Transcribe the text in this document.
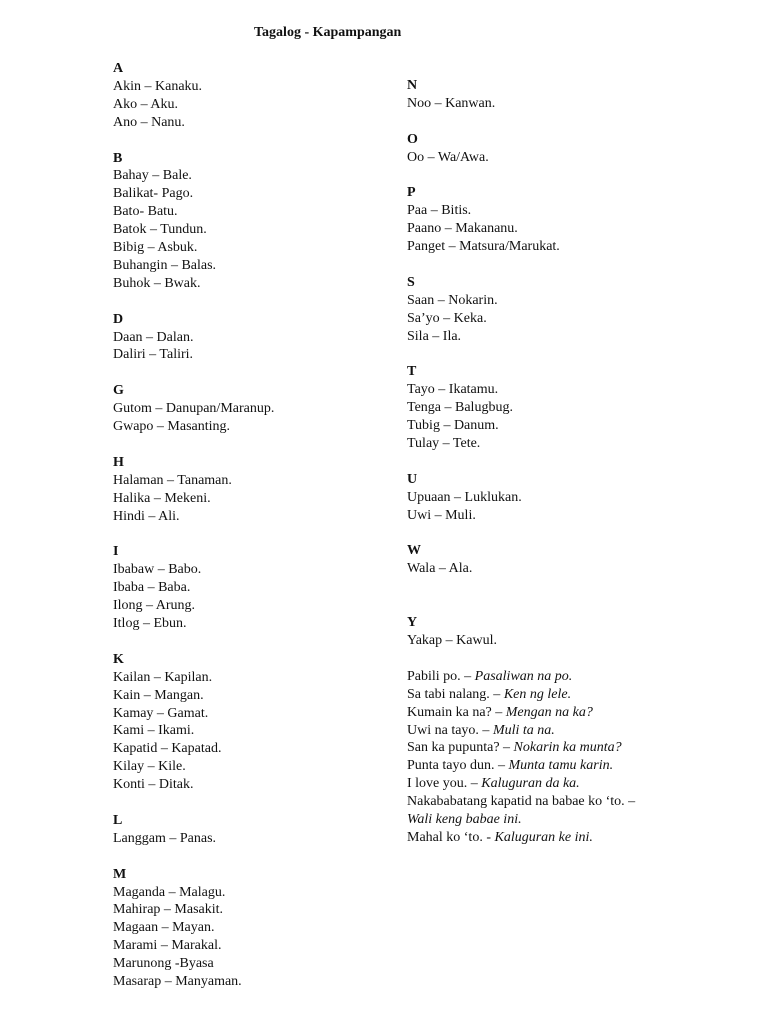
Tagalog - Kapampangan
A
Akin – Kanaku.
Ako – Aku.
Ano – Nanu.
B
Bahay – Bale.
Balikat- Pago.
Bato- Batu.
Batok – Tundun.
Bibig – Asbuk.
Buhangin – Balas.
Buhok – Bwak.
D
Daan – Dalan.
Daliri – Taliri.
G
Gutom – Danupan/Maranup.
Gwapo – Masanting.
H
Halaman – Tanaman.
Halika – Mekeni.
Hindi – Ali.
I
Ibabaw – Babo.
Ibaba – Baba.
Ilong – Arung.
Itlog – Ebun.
K
Kailan – Kapilan.
Kain – Mangan.
Kamay – Gamat.
Kami – Ikami.
Kapatid – Kapatad.
Kilay – Kile.
Konti – Ditak.
L
Langgam – Panas.
M
Maganda – Malagu.
Mahirap – Masakit.
Magaan – Mayan.
Marami – Marakal.
Marunong -Byasa
Masarap – Manyaman.
N
Noo – Kanwan.
O
Oo – Wa/Awa.
P
Paa – Bitis.
Paano – Makananu.
Panget – Matsura/Marukat.
S
Saan – Nokarin.
Sa’yo – Keka.
Sila – Ila.
T
Tayo – Ikatamu.
Tenga – Balugbug.
Tubig – Danum.
Tulay – Tete.
U
Upuaan – Luklukan.
Uwi – Muli.
W
Wala – Ala.
Y
Yakap – Kawul.
Pabili po. – Pasaliwan na po.
Sa tabi nalang. – Ken ng lele.
Kumain ka na? – Mengan na ka?
Uwi na tayo. – Muli ta na.
San ka pupunta? – Nokarin ka munta?
Punta tayo dun. – Munta tamu karin.
I love you. – Kaluguran da ka.
Nakababatang kapatid na babae ko ‘to. –
Wali keng babae ini.
Mahal ko ‘to. - Kaluguran ke ini.
